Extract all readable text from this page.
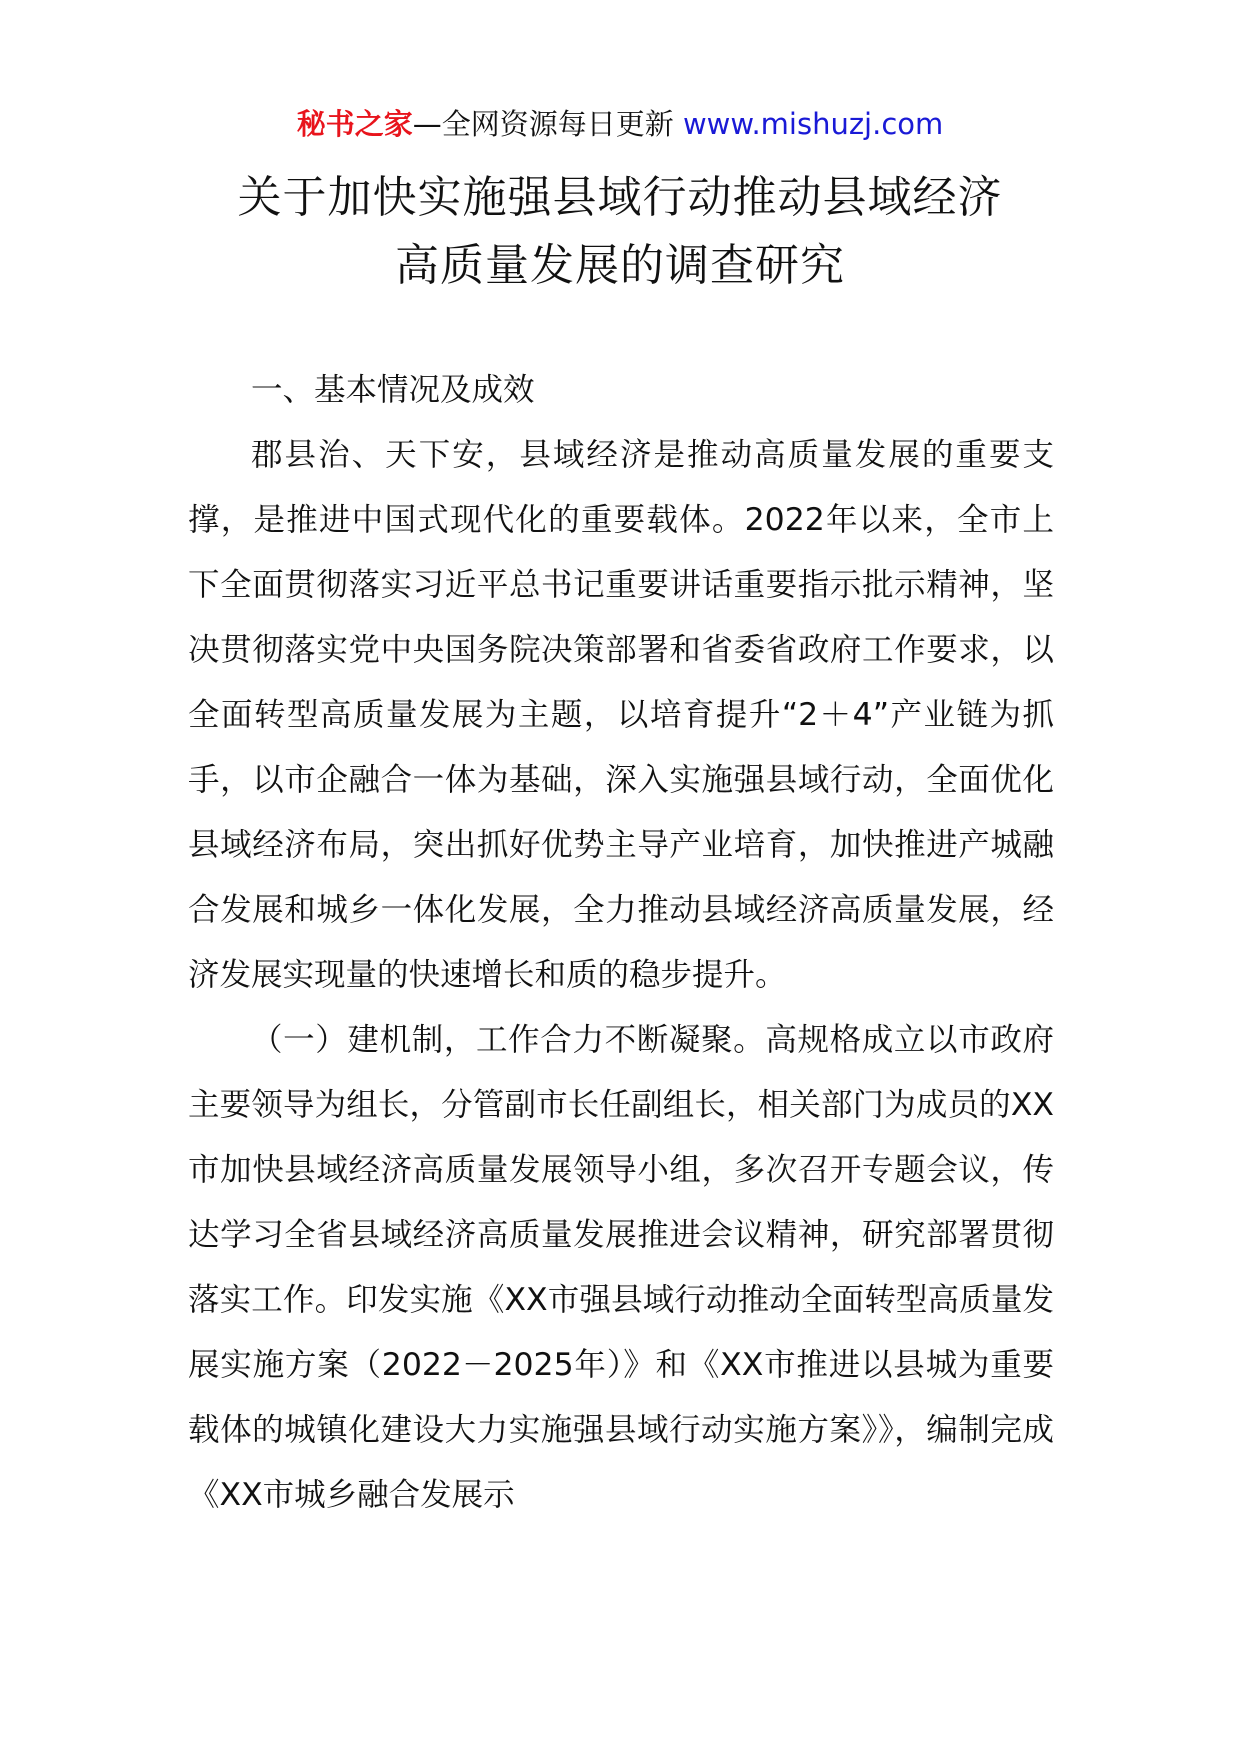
秘书之家—全网资源每日更新 www.mishuzj.com
关于加快实施强县域行动推动县域经济
高质量发展的调查研究

一、基本情况及成效

郡县治、天下安，县域经济是推动高质量发展的重要支撑，是推进中国式现代化的重要载体。2022年以来，全市上下全面贯彻落实习近平总书记重要讲话重要指示批示精神，坚决贯彻落实党中央国务院决策部署和省委省政府工作要求，以全面转型高质量发展为主题，以培育提升“2＋4”产业链为抓手，以市企融合一体为基础，深入实施强县域行动，全面优化县域经济布局，突出抓好优势主导产业培育，加快推进产城融合发展和城乡一体化发展，全力推动县域经济高质量发展，经济发展实现量的快速增长和质的稳步提升。

（一）建机制，工作合力不断凝聚。高规格成立以市政府主要领导为组长，分管副市长任副组长，相关部门为成员的XX市加快县域经济高质量发展领导小组，多次召开专题会议，传达学习全省县域经济高质量发展推进会议精神，研究部署贯彻落实工作。印发实施《XX市强县域行动推动全面转型高质量发展实施方案（2022－2025年）》和《XX市推进以县城为重要载体的城镇化建设大力实施强县域行动实施方案》》，编制完成《XX市城乡融合发展示
